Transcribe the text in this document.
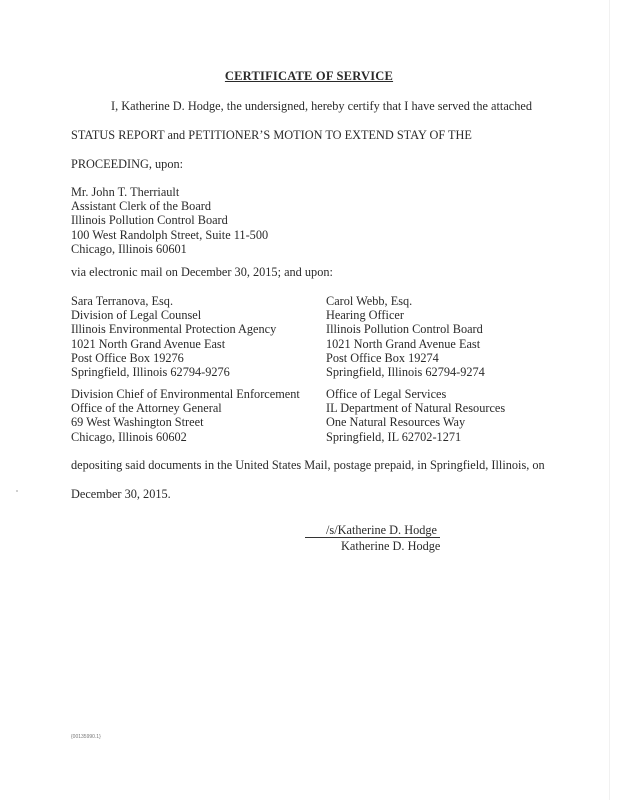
CERTIFICATE OF SERVICE
I, Katherine D. Hodge, the undersigned, hereby certify that I have served the attached
STATUS REPORT and PETITIONER’S MOTION TO EXTEND STAY OF THE
PROCEEDING, upon:
Mr. John T. Therriault
Assistant Clerk of the Board
Illinois Pollution Control Board
100 West Randolph Street, Suite 11-500
Chicago, Illinois 60601
via electronic mail on December 30, 2015; and upon:
Sara Terranova, Esq.
Division of Legal Counsel
Illinois Environmental Protection Agency
1021 North Grand Avenue East
Post Office Box 19276
Springfield, Illinois 62794-9276
Carol Webb, Esq.
Hearing Officer
Illinois Pollution Control Board
1021 North Grand Avenue East
Post Office Box 19274
Springfield, Illinois 62794-9274
Division Chief of Environmental Enforcement
Office of the Attorney General
69 West Washington Street
Chicago, Illinois 60602
Office of Legal Services
IL Department of Natural Resources
One Natural Resources Way
Springfield, IL 62702-1271
depositing said documents in the United States Mail, postage prepaid, in Springfield, Illinois, on
December 30, 2015.
/s/Katherine D. Hodge
Katherine D. Hodge
{00135990.1}
